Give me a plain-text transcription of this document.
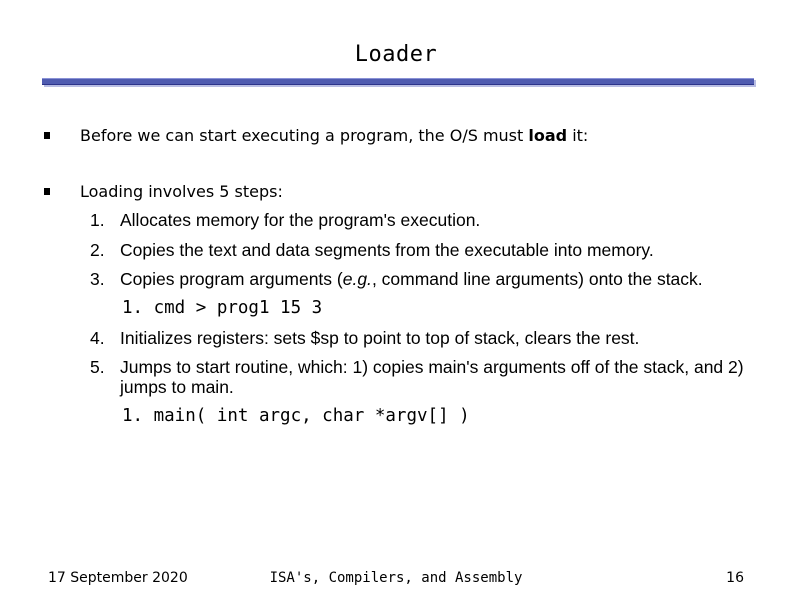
Loader
Before we can start executing a program, the O/S must load it:
Loading involves 5 steps:
1. Allocates memory for the program's execution.
2. Copies the text and data segments from the executable into memory.
3. Copies program arguments (e.g., command line arguments) onto the stack.
1. cmd > prog1 15 3
4. Initializes registers: sets $sp to point to top of stack, clears the rest.
5. Jumps to start routine, which: 1) copies main's arguments off of the stack, and 2) jumps to main.
1. main( int argc, char *argv[] )
17 September 2020	ISA's, Compilers, and Assembly	16
